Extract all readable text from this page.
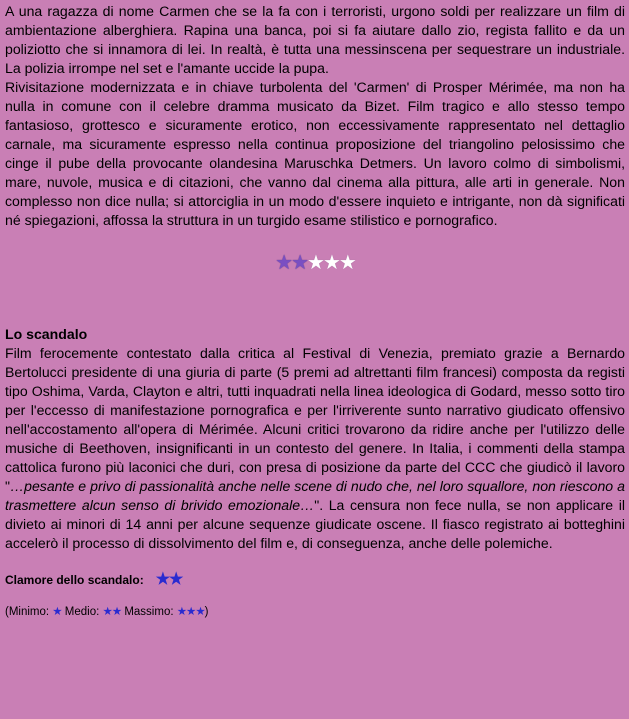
A una ragazza di nome Carmen che se la fa con i terroristi, urgono soldi per realizzare un film di ambientazione alberghiera. Rapina una banca, poi si fa aiutare dallo zio, regista fallito e da un poliziotto che si innamora di lei. In realtà, è tutta una messinscena per sequestrare un industriale. La polizia irrompe nel set e l'amante uccide la pupa.

Rivisitazione modernizzata e in chiave turbolenta del 'Carmen' di Prosper Mérimée, ma non ha nulla in comune con il celebre dramma musicato da Bizet. Film tragico e allo stesso tempo fantasioso, grottesco e sicuramente erotico, non eccessivamente rappresentato nel dettaglio carnale, ma sicuramente espresso nella continua proposizione del triangolino pelosissimo che cinge il pube della provocante olandesina Maruschka Detmers. Un lavoro colmo di simbolismi, mare, nuvole, musica e di citazioni, che vanno dal cinema alla pittura, alle arti in generale. Non complesso non dice nulla; si attorciglia in un modo d'essere inquieto e intrigante, non dà significati né spiegazioni, affossa la struttura in un turgido esame stilistico e pornografico.

★★★★★
Lo scandalo

Film ferocemente contestato dalla critica al Festival di Venezia, premiato grazie a Bernardo Bertolucci presidente di una giuria di parte (5 premi ad altrettanti film francesi) composta da registi tipo Oshima, Varda, Clayton e altri, tutti inquadrati nella linea ideologica di Godard, messo sotto tiro per l'eccesso di manifestazione pornografica e per l'irriverente sunto narrativo giudicato offensivo nell'accostamento all'opera di Mérimée. Alcuni critici trovarono da ridire anche per l'utilizzo delle musiche di Beethoven, insignificanti in un contesto del genere. In Italia, i commenti della stampa cattolica furono più laconici che duri, con presa di posizione da parte del CCC che giudicò il lavoro "…pesante e privo di passionalità anche nelle scene di nudo che, nel loro squallore, non riescono a trasmettere alcun senso di brivido emozionale…". La censura non fece nulla, se non applicare il divieto ai minori di 14 anni per alcune sequenze giudicate oscene. Il fiasco registrato ai botteghini accelerò il processo di dissolvimento del film e, di conseguenza, anche delle polemiche.

Clamore dello scandalo: ★★
(Minimo: ★ Medio: ★★ Massimo: ★★★)
